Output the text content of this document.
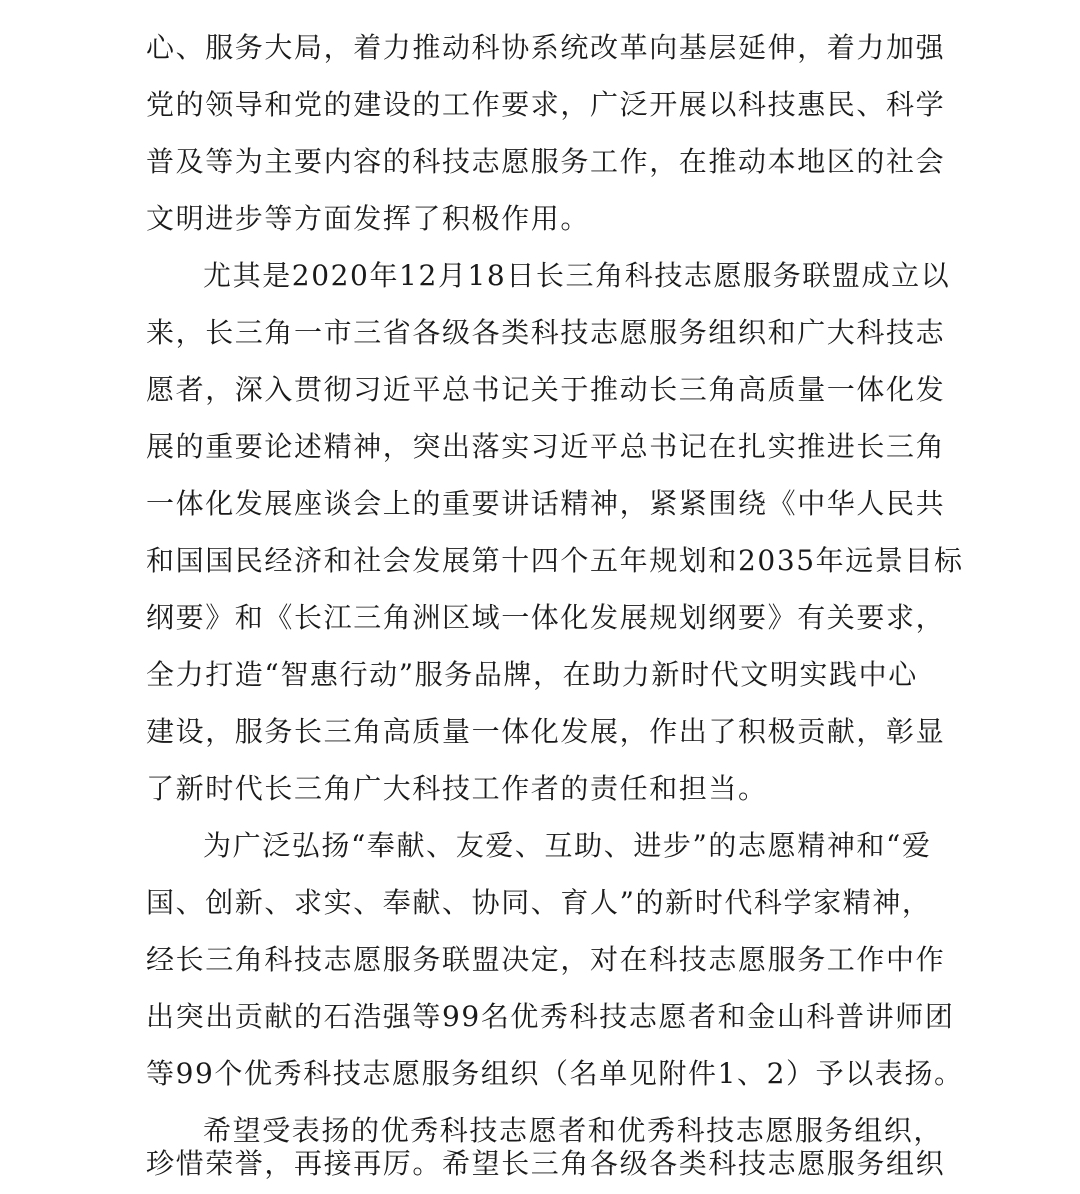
心、服务大局，着力推动科协系统改革向基层延伸，着力加强
党的领导和党的建设的工作要求，广泛开展以科技惠民、科学
普及等为主要内容的科技志愿服务工作，在推动本地区的社会
文明进步等方面发挥了积极作用。
尤其是2020年12月18日长三角科技志愿服务联盟成立以
来，长三角一市三省各级各类科技志愿服务组织和广大科技志
愿者，深入贯彻习近平总书记关于推动长三角高质量一体化发
展的重要论述精神，突出落实习近平总书记在扎实推进长三角
一体化发展座谈会上的重要讲话精神，紧紧围绕《中华人民共
和国国民经济和社会发展第十四个五年规划和2035年远景目标
纲要》和《长江三角洲区域一体化发展规划纲要》有关要求，
全力打造“智惠行动”服务品牌，在助力新时代文明实践中心
建设，服务长三角高质量一体化发展，作出了积极贡献，彰显
了新时代长三角广大科技工作者的责任和担当。
为广泛弘扬“奉献、友爱、互助、进步”的志愿精神和“爱
国、创新、求实、奉献、协同、育人”的新时代科学家精神，
经长三角科技志愿服务联盟决定，对在科技志愿服务工作中作
出突出贡献的石浩强等99名优秀科技志愿者和金山科普讲师团
等99个优秀科技志愿服务组织（名单见附件1、2）予以表扬。
希望受表扬的优秀科技志愿者和优秀科技志愿服务组织，
珍惜荣誉，再接再厉。希望长三角各级各类科技志愿服务组织
